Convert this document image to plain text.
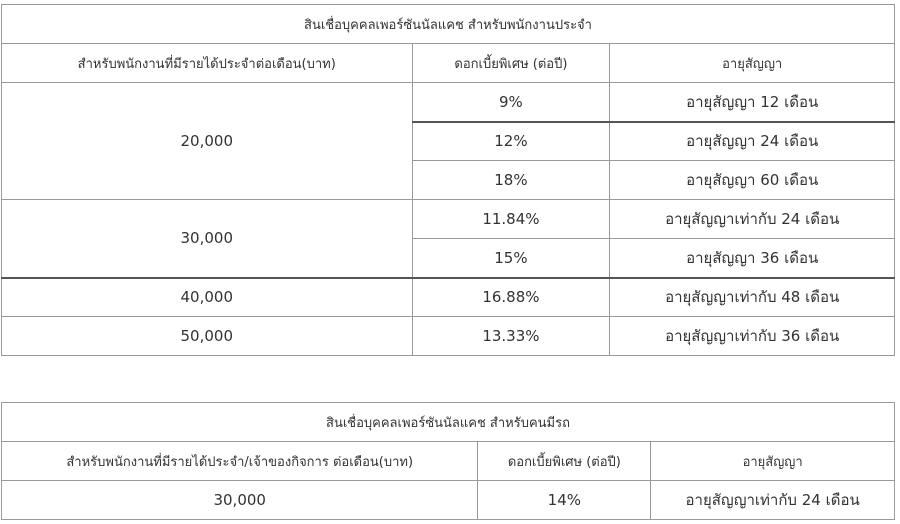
สินเชื่อบุคคลเพอร์ซันนัลแคช สำหรับพนักงานประจำ		
สำหรับพนักงานที่มีรายได้ประจำต่อเดือน(บาท)	ดอกเบี้ยพิเศษ (ต่อปี)	อายุสัญญา
20,000	9%	อายุสัญญา 12 เดือน
	12%	อายุสัญญา 24 เดือน
	18%	อายุสัญญา 60 เดือน
30,000	11.84%	อายุสัญญาเท่ากับ 24 เดือน
	15%	อายุสัญญา 36 เดือน
40,000	16.88%	อายุสัญญาเท่ากับ 48 เดือน
50,000	13.33%	อายุสัญญาเท่ากับ 36 เดือน
สินเชื่อบุคคลเพอร์ซันนัลแคช สำหรับคนมีรถ		
สำหรับพนักงานที่มีรายได้ประจำ/เจ้าของกิจการ ต่อเดือน(บาท)	ดอกเบี้ยพิเศษ (ต่อปี)	อายุสัญญา
30,000	14%	อายุสัญญาเท่ากับ 24 เดือน
